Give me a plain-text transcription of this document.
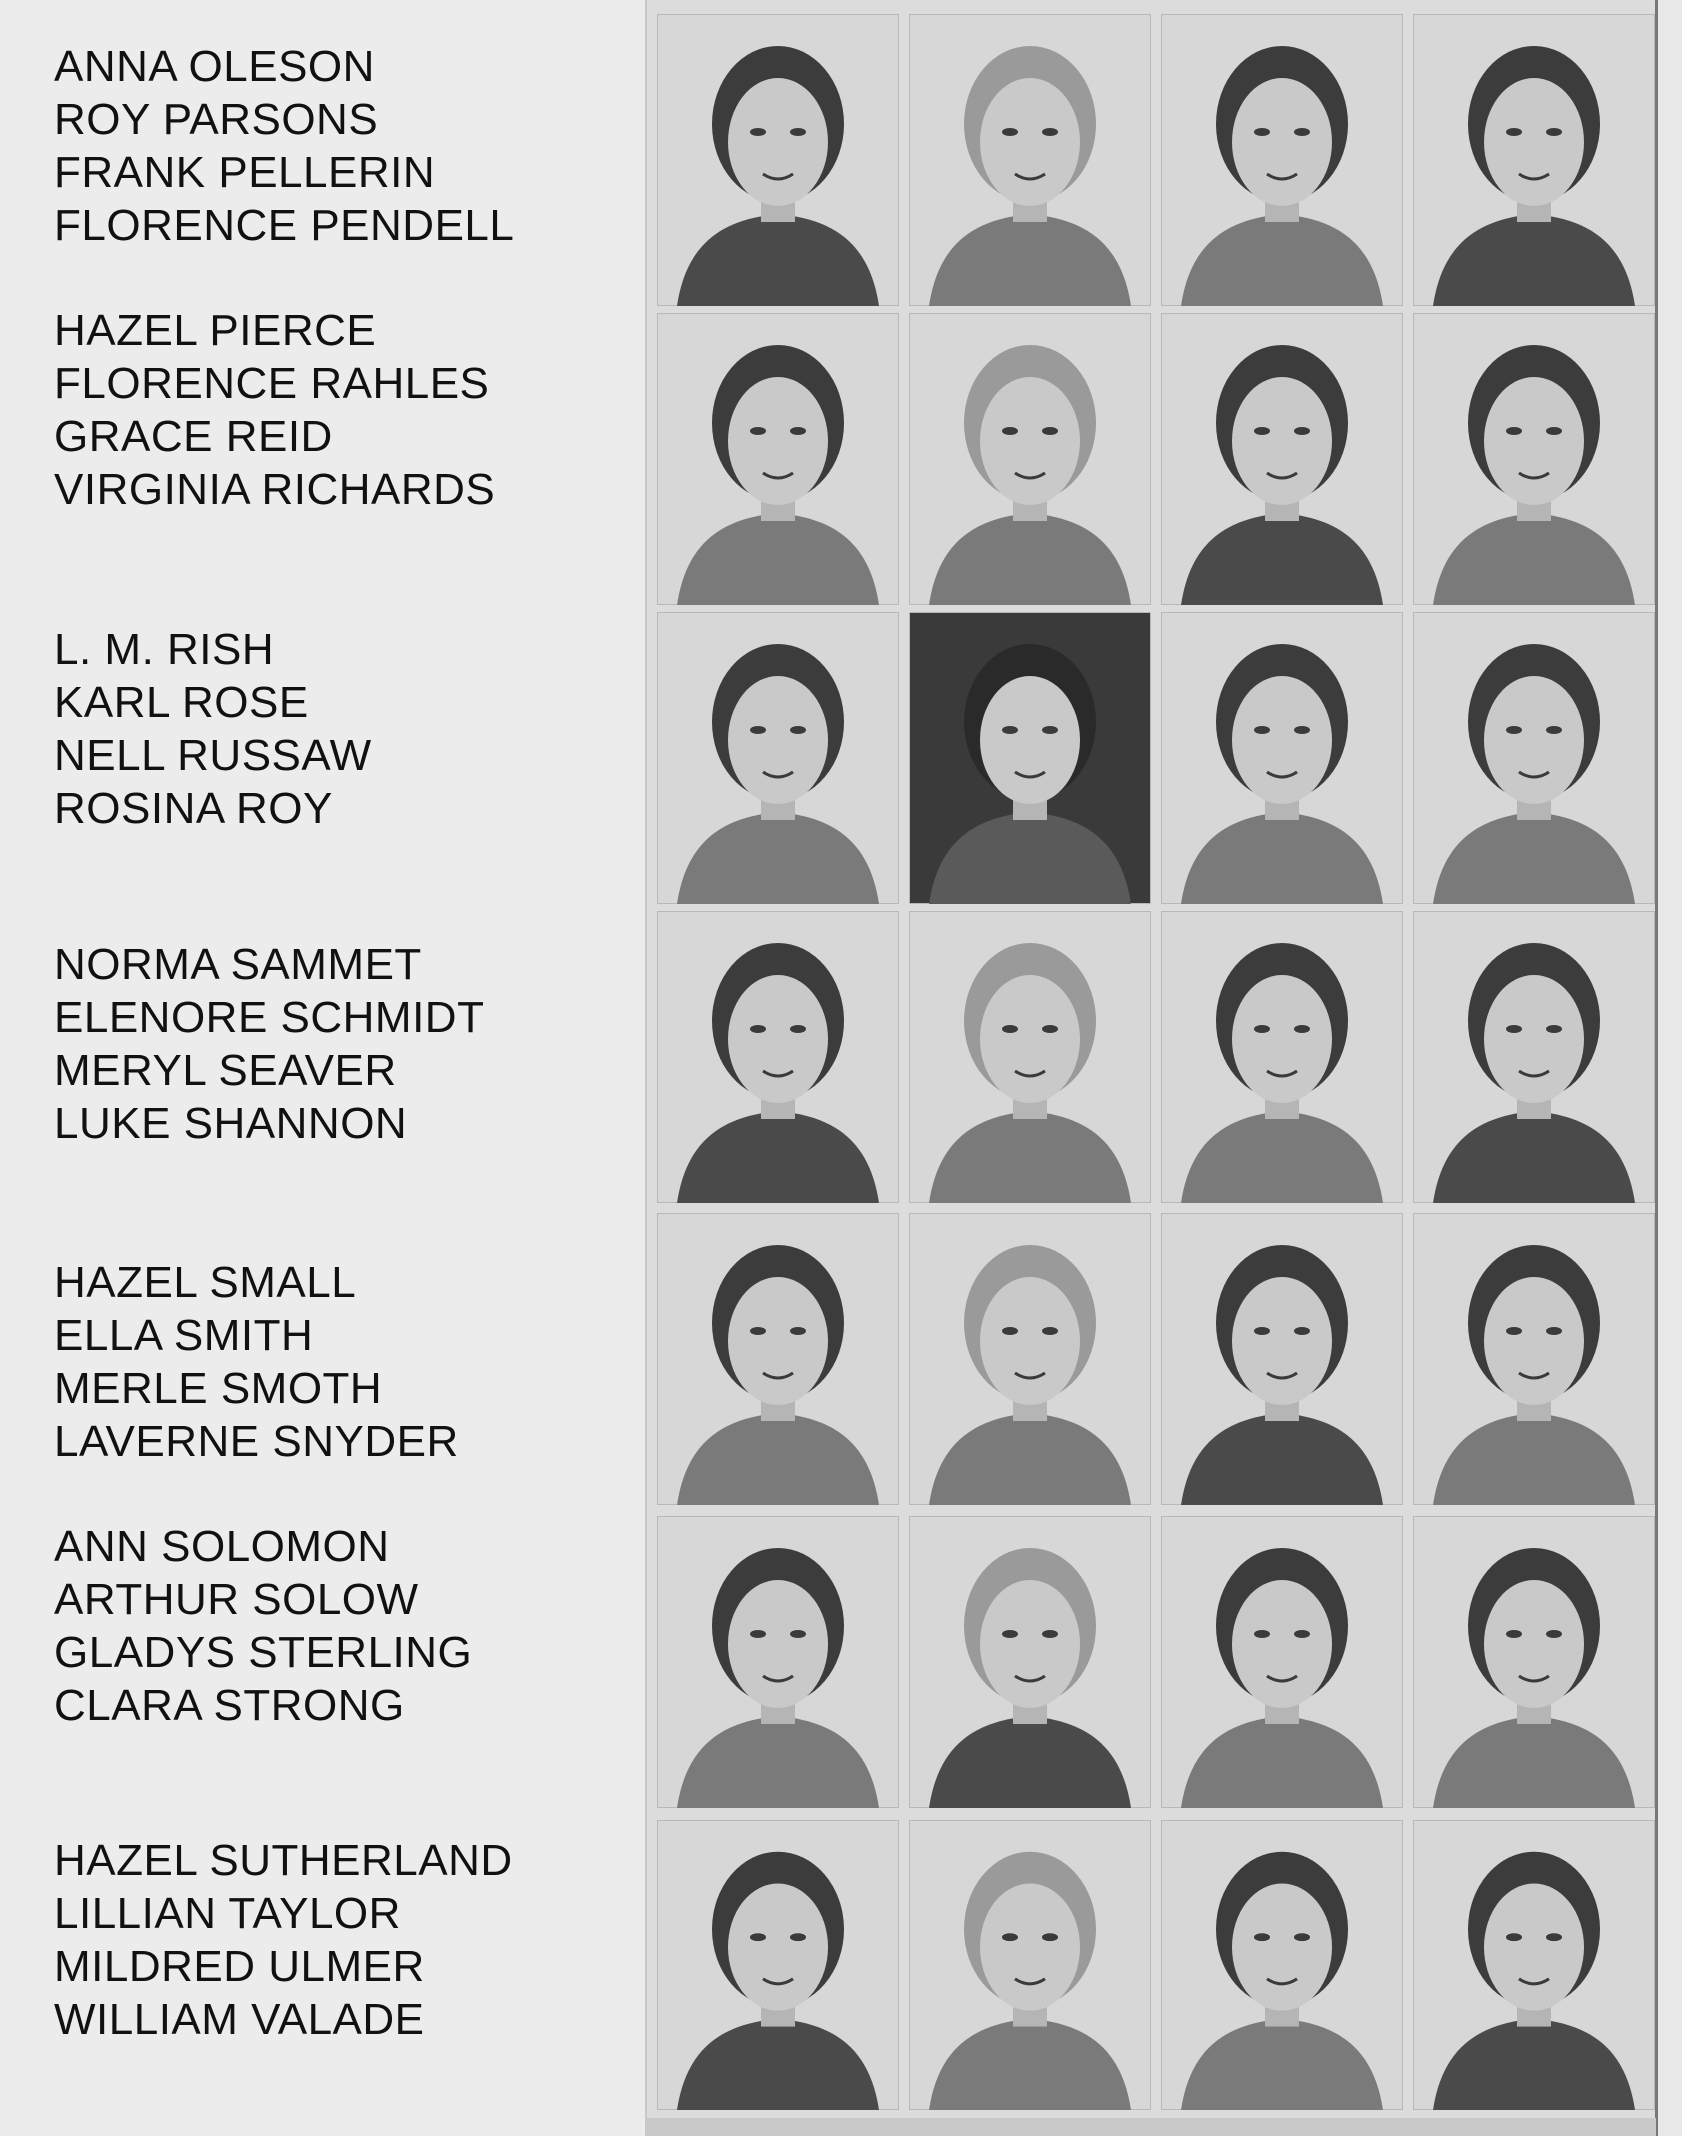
ANNA OLESON
ROY PARSONS
FRANK PELLERIN
FLORENCE PENDELL
HAZEL PIERCE
FLORENCE RAHLES
GRACE REID
VIRGINIA RICHARDS
L. M. RISH
KARL ROSE
NELL RUSSAW
ROSINA ROY
NORMA SAMMET
ELENORE SCHMIDT
MERYL SEAVER
LUKE SHANNON
HAZEL SMALL
ELLA SMITH
MERLE SMOTH
LAVERNE SNYDER
ANN SOLOMON
ARTHUR SOLOW
GLADYS STERLING
CLARA STRONG
HAZEL SUTHERLAND
LILLIAN TAYLOR
MILDRED ULMER
WILLIAM VALADE
